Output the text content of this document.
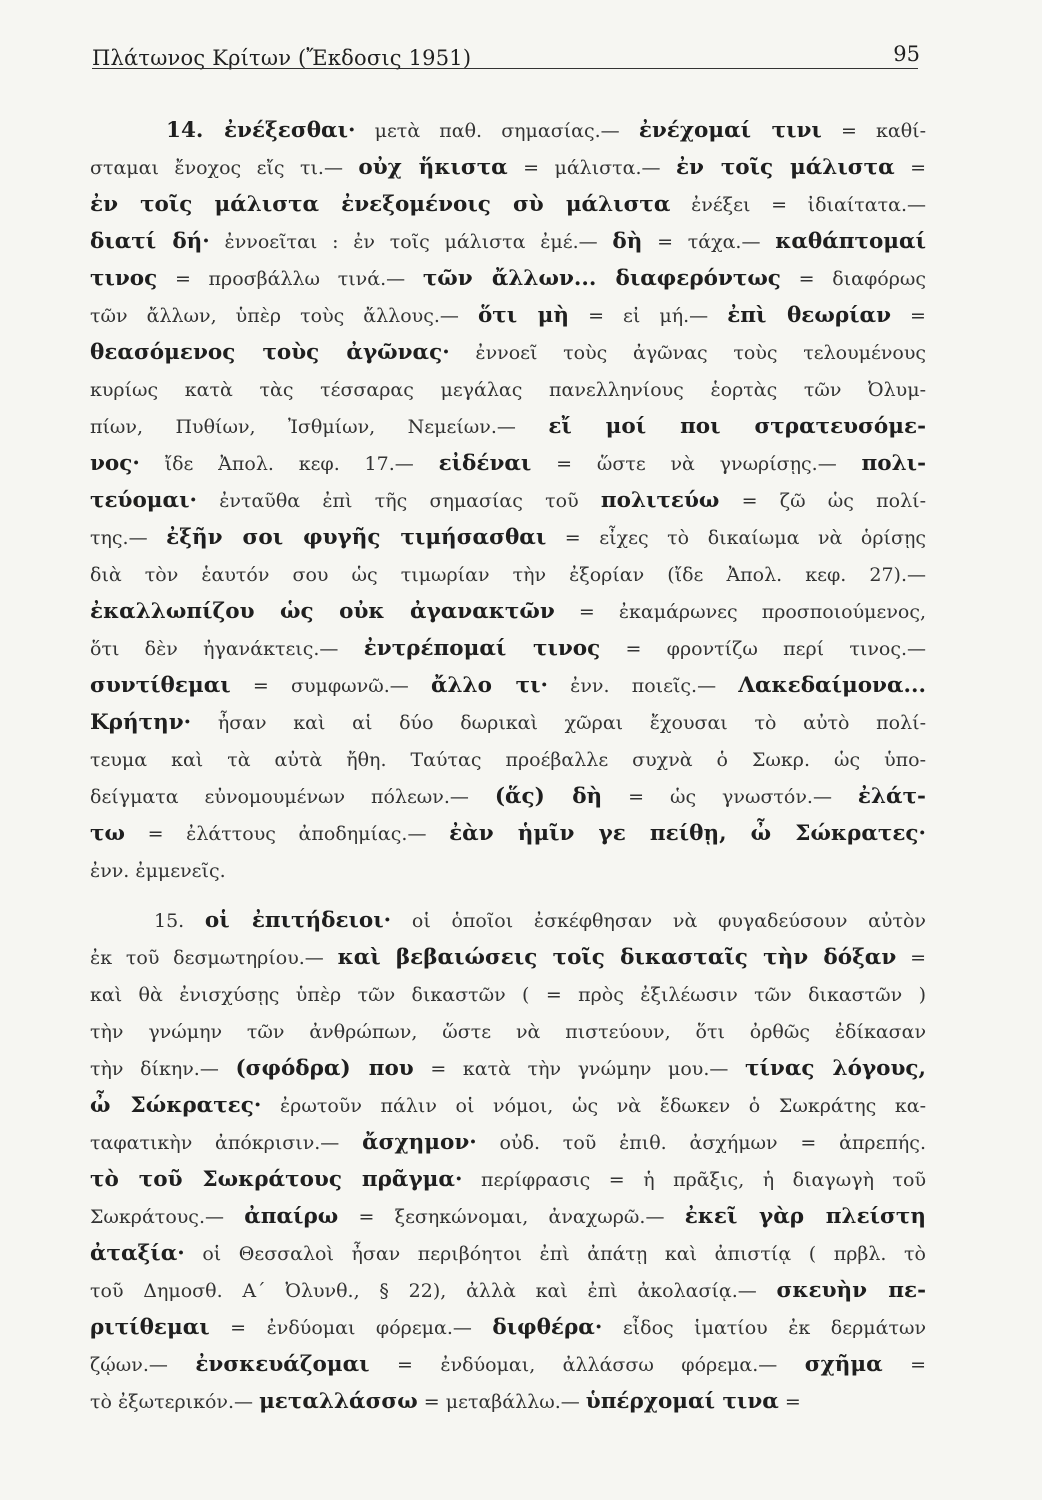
Πλάτωνος Κρίτων (Ἔκδοσις 1951)	95
14. ἐνέξεσθαι· μετὰ παθ. σημασίας.— ἐνέχομαί τινι = καθί-
σταμαι ἔνοχος εἴς τι.— οὐχ ἥκιστα = μάλιστα.— ἐν τοῖς μάλιστα =
ἐν τοῖς μάλιστα ἐνεξομένοις σὺ μάλιστα ἐνέξει = ἰδιαίτατα.—
διατί δή· ἐννοεῖται : ἐν τοῖς μάλιστα ἐμέ.— δὴ = τάχα.— καθάπτομαί
τινος = προσβάλλω τινά.— τῶν ἄλλων... διαφερόντως = διαφόρως
τῶν ἄλλων, ὑπὲρ τοὺς ἄλλους.— ὅτι μὴ = εἰ μή.— ἐπὶ θεωρίαν =
θεασόμενος τοὺς ἀγῶνας· ἐννοεῖ τοὺς ἀγῶνας τοὺς τελουμένους
κυρίως κατὰ τὰς τέσσαρας μεγάλας πανελληνίους ἑορτὰς τῶν Ὀλυμ-
πίων, Πυθίων, Ἰσθμίων, Νεμείων.— εἴ μοί ποι στρατευσόμε-
νος· ἴδε Ἀπολ. κεφ. 17.— εἰδέναι = ὥστε νὰ γνωρίσῃς.— πολι-
τεύομαι· ἐνταῦθα ἐπὶ τῆς σημασίας τοῦ πολιτεύω = ζῶ ὡς πολί-
της.— ἐξῆν σοι φυγῆς τιμήσασθαι = εἶχες τὸ δικαίωμα νὰ ὁρίσῃς
διὰ τὸν ἑαυτόν σου ὡς τιμωρίαν τὴν ἐξορίαν (ἴδε Ἀπολ. κεφ. 27).—
ἐκαλλωπίζου ὡς οὐκ ἀγανακτῶν = ἐκαμάρωνες προσποιούμενος,
ὅτι δὲν ἠγανάκτεις.— ἐντρέπομαί τινος = φροντίζω περί τινος.—
συντίθεμαι = συμφωνῶ.— ἄλλο τι· ἐνν. ποιεῖς.— Λακεδαίμονα...
Κρήτην· ἦσαν καὶ αἱ δύο δωρικαὶ χῶραι ἔχουσαι τὸ αὐτὸ πολί-
τευμα καὶ τὰ αὐτὰ ἤθη. Ταύτας προέβαλλε συχνὰ ὁ Σωκρ. ὡς ὑπο-
δείγματα εὐνομουμένων πόλεων.— (ἅς) δὴ = ὡς γνωστόν.— ἐλάτ-
τω = ἐλάττους ἀποδημίας.— ἐὰν ἡμῖν γε πείθῃ, ὦ Σώκρατες·
ἐνν. ἐμμενεῖς.
15. οἱ ἐπιτήδειοι· οἱ ὁποῖοι ἐσκέφθησαν νὰ φυγαδεύσουν αὐτὸν
ἐκ τοῦ δεσμωτηρίου.— καὶ βεβαιώσεις τοῖς δικασταῖς τὴν δόξαν =
καὶ θὰ ἐνισχύσῃς ὑπὲρ τῶν δικαστῶν ( = πρὸς ἐξιλέωσιν τῶν δικαστῶν )
τὴν γνώμην τῶν ἀνθρώπων, ὥστε νὰ πιστεύουν, ὅτι ὀρθῶς ἐδίκασαν
τὴν δίκην.— (σφόδρα) που = κατὰ τὴν γνώμην μου.— τίνας λόγους,
ὦ Σώκρατες· ἐρωτοῦν πάλιν οἱ νόμοι, ὡς νὰ ἔδωκεν ὁ Σωκράτης κα-
ταφατικὴν ἀπόκρισιν.— ἄσχημον· οὐδ. τοῦ ἐπιθ. ἀσχήμων = ἀπρεπής.
τὸ τοῦ Σωκράτους πρᾶγμα· περίφρασις = ἡ πρᾶξις, ἡ διαγωγὴ τοῦ
Σωκράτους.— ἀπαίρω = ξεσηκώνομαι, ἀναχωρῶ.— ἐκεῖ γὰρ πλείστη
ἀταξία· οἱ Θεσσαλοὶ ἦσαν περιβόητοι ἐπὶ ἀπάτῃ καὶ ἀπιστίᾳ ( πρβλ. τὸ
τοῦ Δημοσθ. Α΄ Ὀλυνθ., § 22), ἀλλὰ καὶ ἐπὶ ἀκολασίᾳ.— σκευὴν πε-
ριτίθεμαι = ἐνδύομαι φόρεμα.— διφθέρα· εἶδος ἱματίου ἐκ δερμάτων
ζῴων.— ἐνσκευάζομαι = ἐνδύομαι, ἀλλάσσω φόρεμα.— σχῆμα =
τὸ ἐξωτερικόν.— μεταλλάσσω = μεταβάλλω.— ὑπέρχομαί τινα =
